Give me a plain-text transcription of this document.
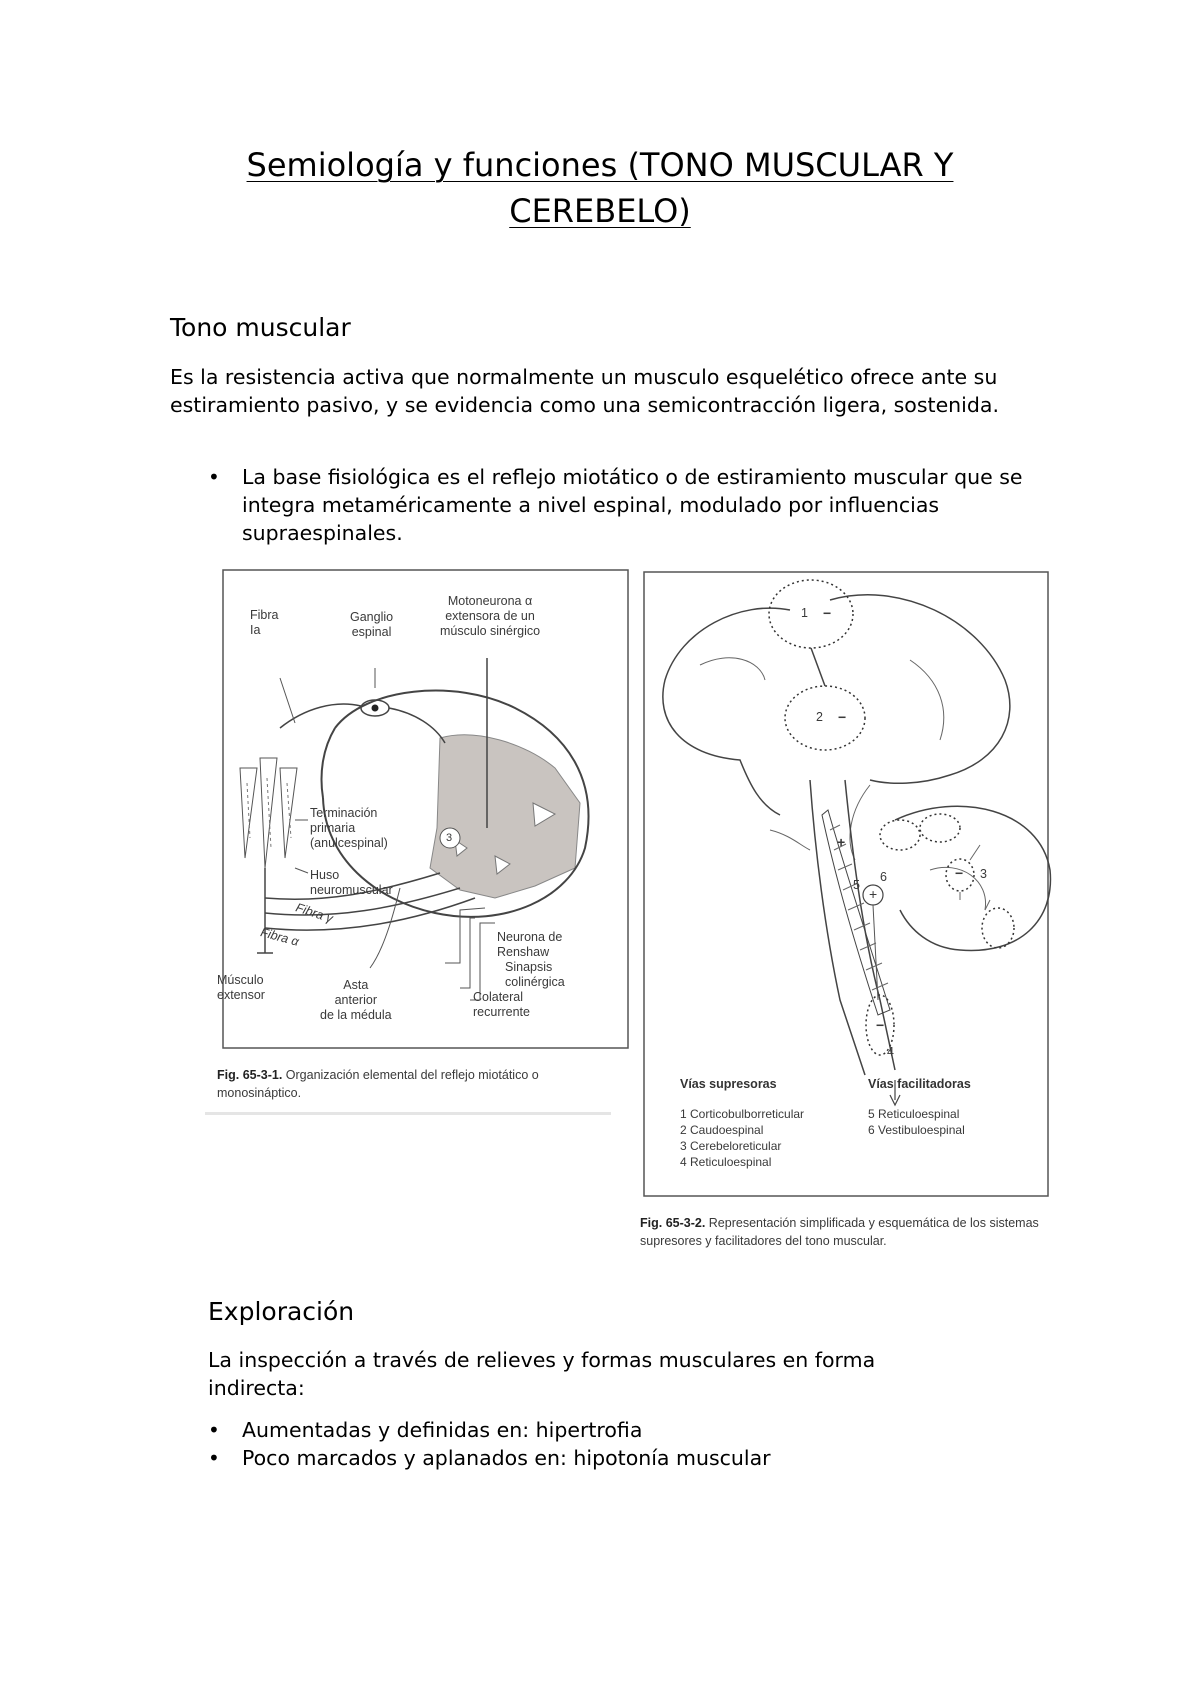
Semiología y funciones (TONO MUSCULAR Y
CEREBELO)
Tono muscular

Es la resistencia activa que normalmente un musculo esquelético ofrece ante su estiramiento pasivo, y se evidencia como una semicontracción ligera, sostenida.

• La base fisiológica es el reflejo miotático o de estiramiento muscular que se integra metaméricamente a nivel espinal, modulado por influencias supraespinales.
Fibra
Ia
Ganglio
espinal
Motoneurona α
extensora de un
músculo sinérgico
Terminación
primaria
(anulcespinal)
Huso
neuromuscular
Fibra γ
Fibra α
Músculo
extensor
Asta
anterior
de la médula
Neurona de
Renshaw
Sinapsis
colinérgica
Colateral
recurrente
3
Fig. 65-3-1. Organización elemental del reflejo miotático o monosináptico.
−
−
−
−
+
+
1
2
3
4
5
6
Vías supresoras
1 Corticobulborreticular
2 Caudoespinal
3 Cerebeloreticular
4 Reticuloespinal
Vías facilitadoras
5 Reticuloespinal
6 Vestibuloespinal
Fig. 65-3-2. Representación simplificada y esquemática de los sistemas supresores y facilitadores del tono muscular.
Exploración

La inspección a través de relieves y formas musculares en forma indirecta:

• Aumentadas y definidas en: hipertrofia
• Poco marcados y aplanados en: hipotonía muscular
